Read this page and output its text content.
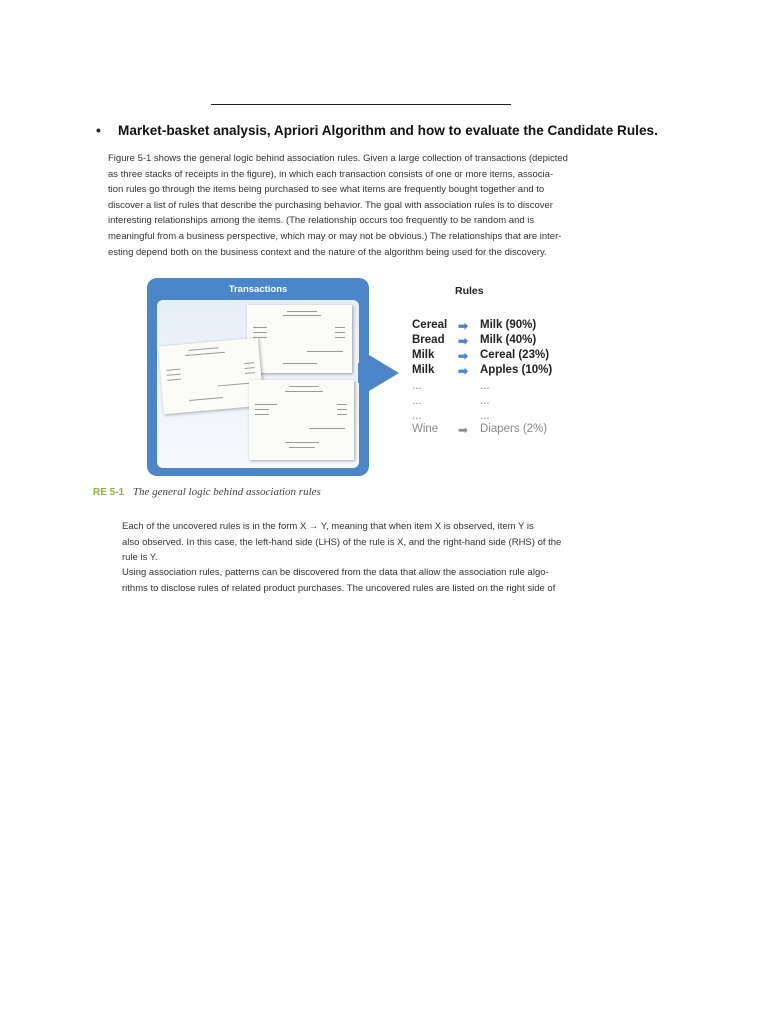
• Market-basket analysis, Apriori Algorithm and how to evaluate the Candidate Rules.
Figure 5-1 shows the general logic behind association rules. Given a large collection of transactions (depicted
as three stacks of receipts in the figure), in which each transaction consists of one or more items, associa-
tion rules go through the items being purchased to see what items are frequently bought together and to
discover a list of rules that describe the purchasing behavior. The goal with association rules is to discover
interesting relationships among the items. (The relationship occurs too frequently to be random and is
meaningful from a business perspective, which may or may not be obvious.) The relationships that are inter-
esting depend both on the business context and the nature of the algorithm being used for the discovery.
Transactions	Rules
Cereal ➡ Milk (90%)
Bread ➡ Milk (40%)
Milk ➡ Cereal (23%)
Milk ➡ Apples (10%)
...	...
...	...
...	...
Wine ➡ Diapers (2%)
RE 5-1 The general logic behind association rules
Each of the uncovered rules is in the form X → Y, meaning that when item X is observed, item Y is
also observed. In this case, the left-hand side (LHS) of the rule is X, and the right-hand side (RHS) of the
rule is Y.
Using association rules, patterns can be discovered from the data that allow the association rule algo-
rithms to disclose rules of related product purchases. The uncovered rules are listed on the right side of
